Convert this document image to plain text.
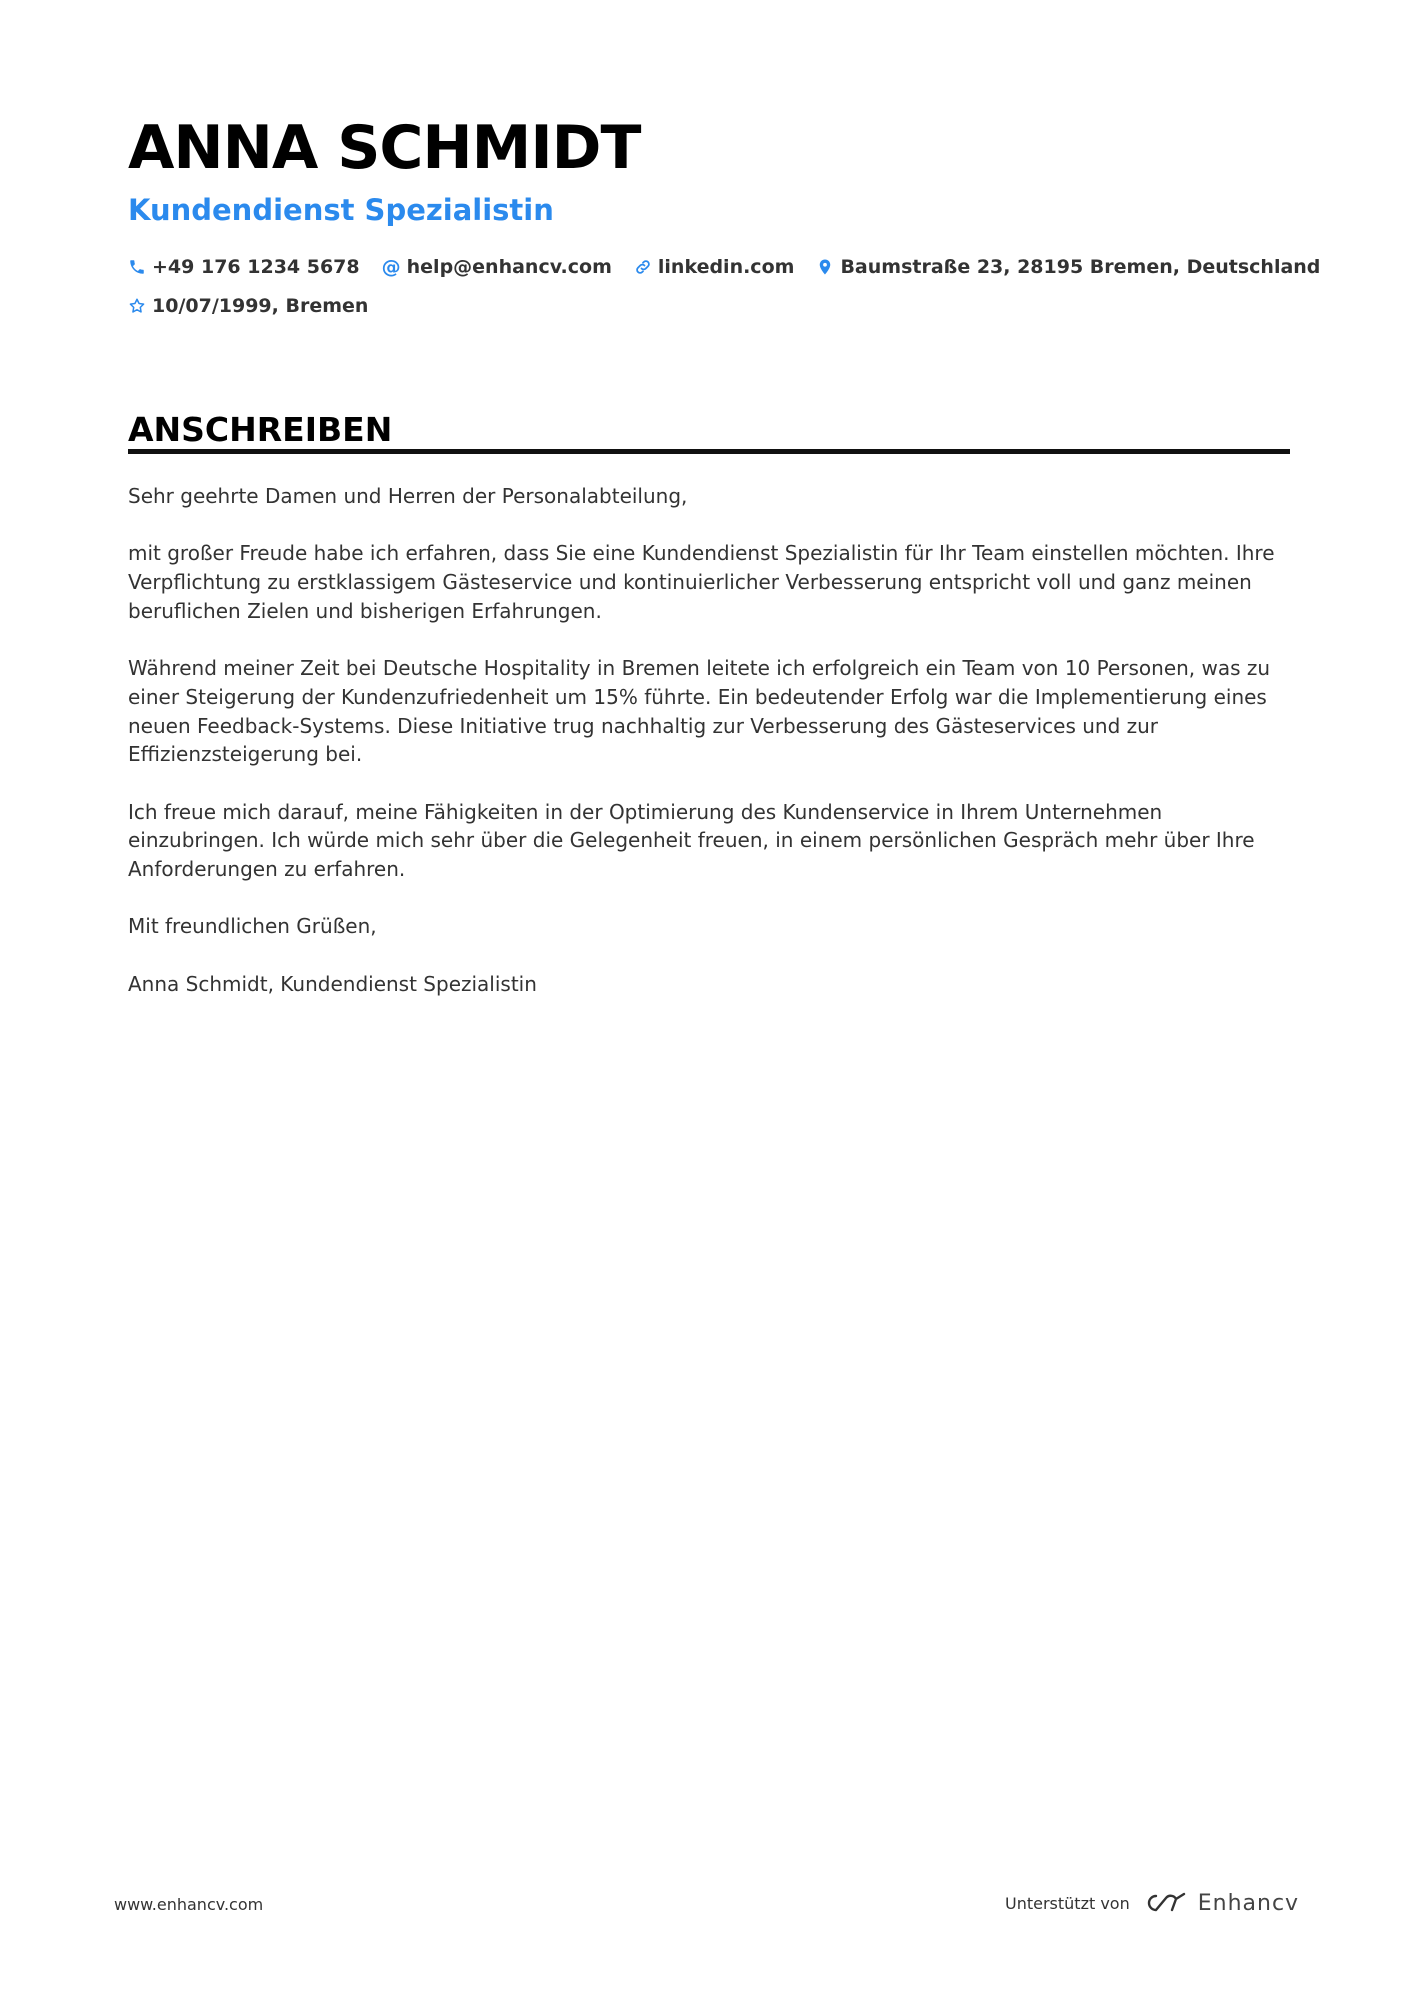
ANNA SCHMIDT
Kundendienst Spezialistin
+49 176 1234 5678 @ help@enhancv.com linkedin.com Baumstraße 23, 28195 Bremen, Deutschland
10/07/1999, Bremen
ANSCHREIBEN

Sehr geehrte Damen und Herren der Personalabteilung,

mit großer Freude habe ich erfahren, dass Sie eine Kundendienst Spezialistin für Ihr Team einstellen möchten. Ihre Verpflichtung zu erstklassigem Gästeservice und kontinuierlicher Verbesserung entspricht voll und ganz meinen beruflichen Zielen und bisherigen Erfahrungen.

Während meiner Zeit bei Deutsche Hospitality in Bremen leitete ich erfolgreich ein Team von 10 Personen, was zu einer Steigerung der Kundenzufriedenheit um 15% führte. Ein bedeutender Erfolg war die Implementierung eines neuen Feedback-Systems. Diese Initiative trug nachhaltig zur Verbesserung des Gästeservices und zur Effizienzsteigerung bei.

Ich freue mich darauf, meine Fähigkeiten in der Optimierung des Kundenservice in Ihrem Unternehmen einzubringen. Ich würde mich sehr über die Gelegenheit freuen, in einem persönlichen Gespräch mehr über Ihre Anforderungen zu erfahren.

Mit freundlichen Grüßen,

Anna Schmidt, Kundendienst Spezialistin

www.enhancv.com	Unterstützt von	Enhancv
